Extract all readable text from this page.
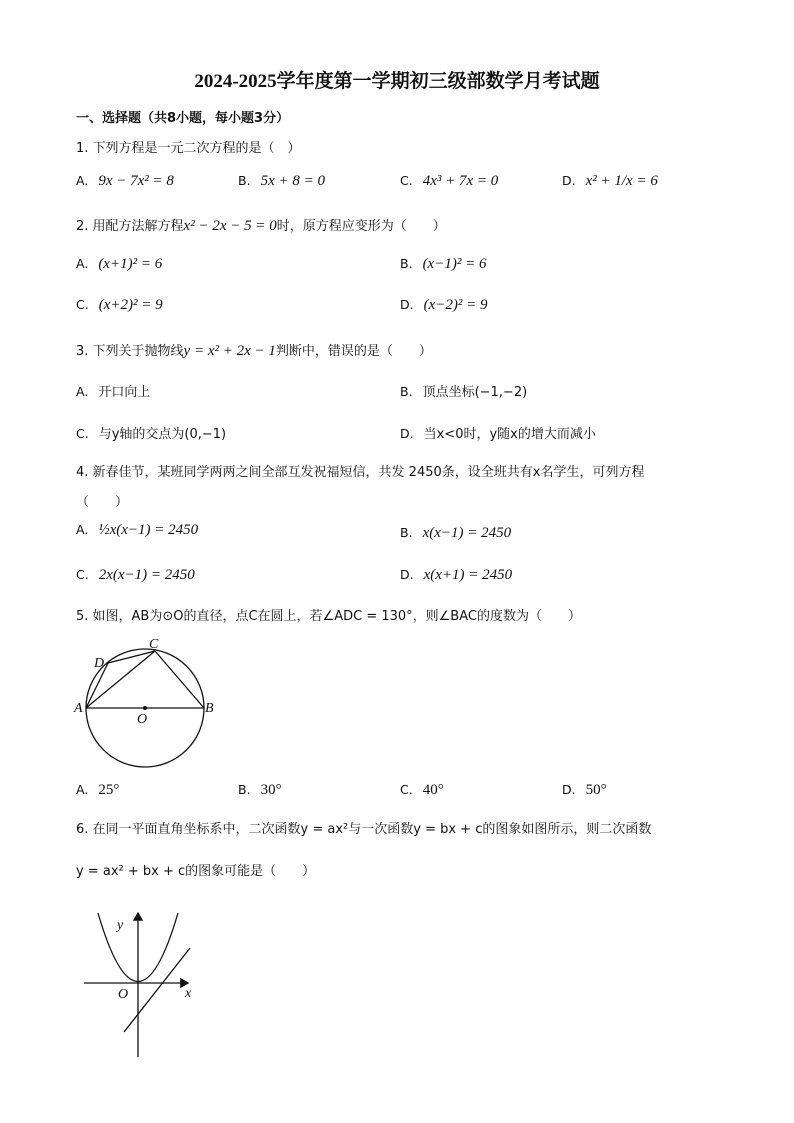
2024-2025学年度第一学期初三级部数学月考试题
一、选择题（共8小题，每小题3分）
1. 下列方程是一元二次方程的是（　）
A. 9x − 7x² = 8	B. 5x + 8 = 0	C. 4x³ + 7x = 0	D. x² + 1/x = 6
2. 用配方法解方程x² − 2x − 5 = 0时，原方程应变形为（　　）
A. (x+1)² = 6	B. (x−1)² = 6
C. (x+2)² = 9	D. (x−2)² = 9
3. 下列关于抛物线y = x² + 2x − 1判断中，错误的是（　　）
A. 开口向上	B. 顶点坐标(−1,−2)
C. 与y轴的交点为(0,−1)	D. 当x<0时，y随x的增大而减小
4. 新春佳节，某班同学两两之间全部互发祝福短信，共发 2450条，设全班共有x名学生，可列方程
（　　）
A. ½x(x−1) = 2450	B. x(x−1) = 2450
C. 2x(x−1) = 2450	D. x(x+1) = 2450
5. 如图，AB为⊙O的直径，点C在圆上，若∠ADC = 130°，则∠BAC的度数为（　　）
A	B
C
D
O
A. 25°	B. 30°	C. 40°	D. 50°
6. 在同一平面直角坐标系中，二次函数y = ax²与一次函数y = bx + c的图象如图所示，则二次函数
y = ax² + bx + c的图象可能是（　　）
y
x
O
